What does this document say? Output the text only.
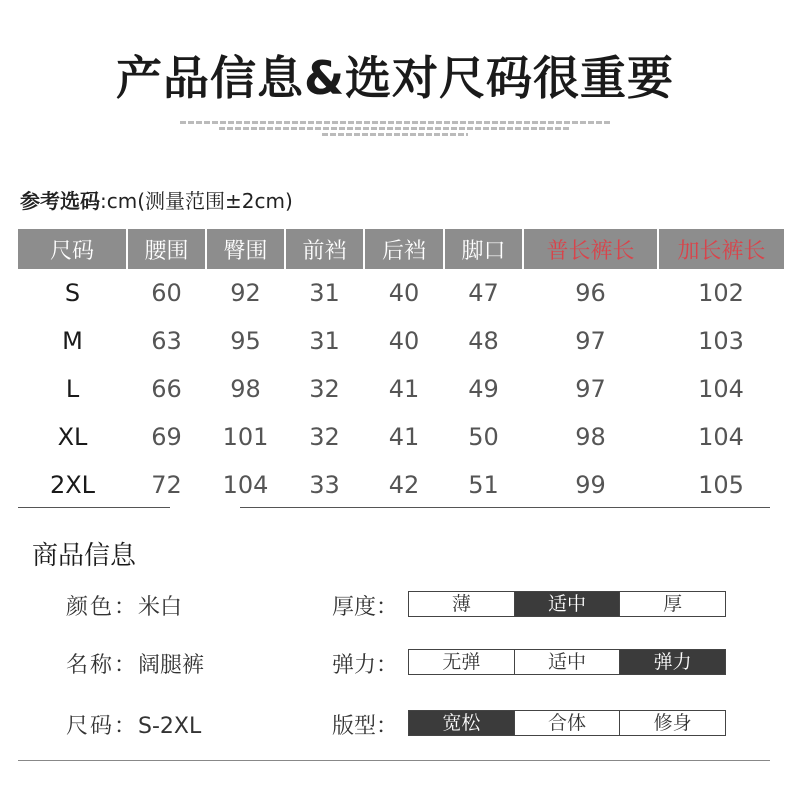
产品信息&选对尺码很重要
参考选码:cm(测量范围±2cm)
尺码	腰围	臀围	前裆	后裆	脚口	普长裤长	加长裤长
S	60	92	31	40	47	96	102
M	63	95	31	40	48	97	103
L	66	98	32	41	49	97	104
XL	69	101	32	41	50	98	104
2XL	72	104	33	42	51	99	105
商品信息
颜色：米白
名称：阔腿裤
尺码：S-2XL
厚度：	薄	适中	厚
弹力：	无弹	适中	弹力
版型：	宽松	合体	修身
